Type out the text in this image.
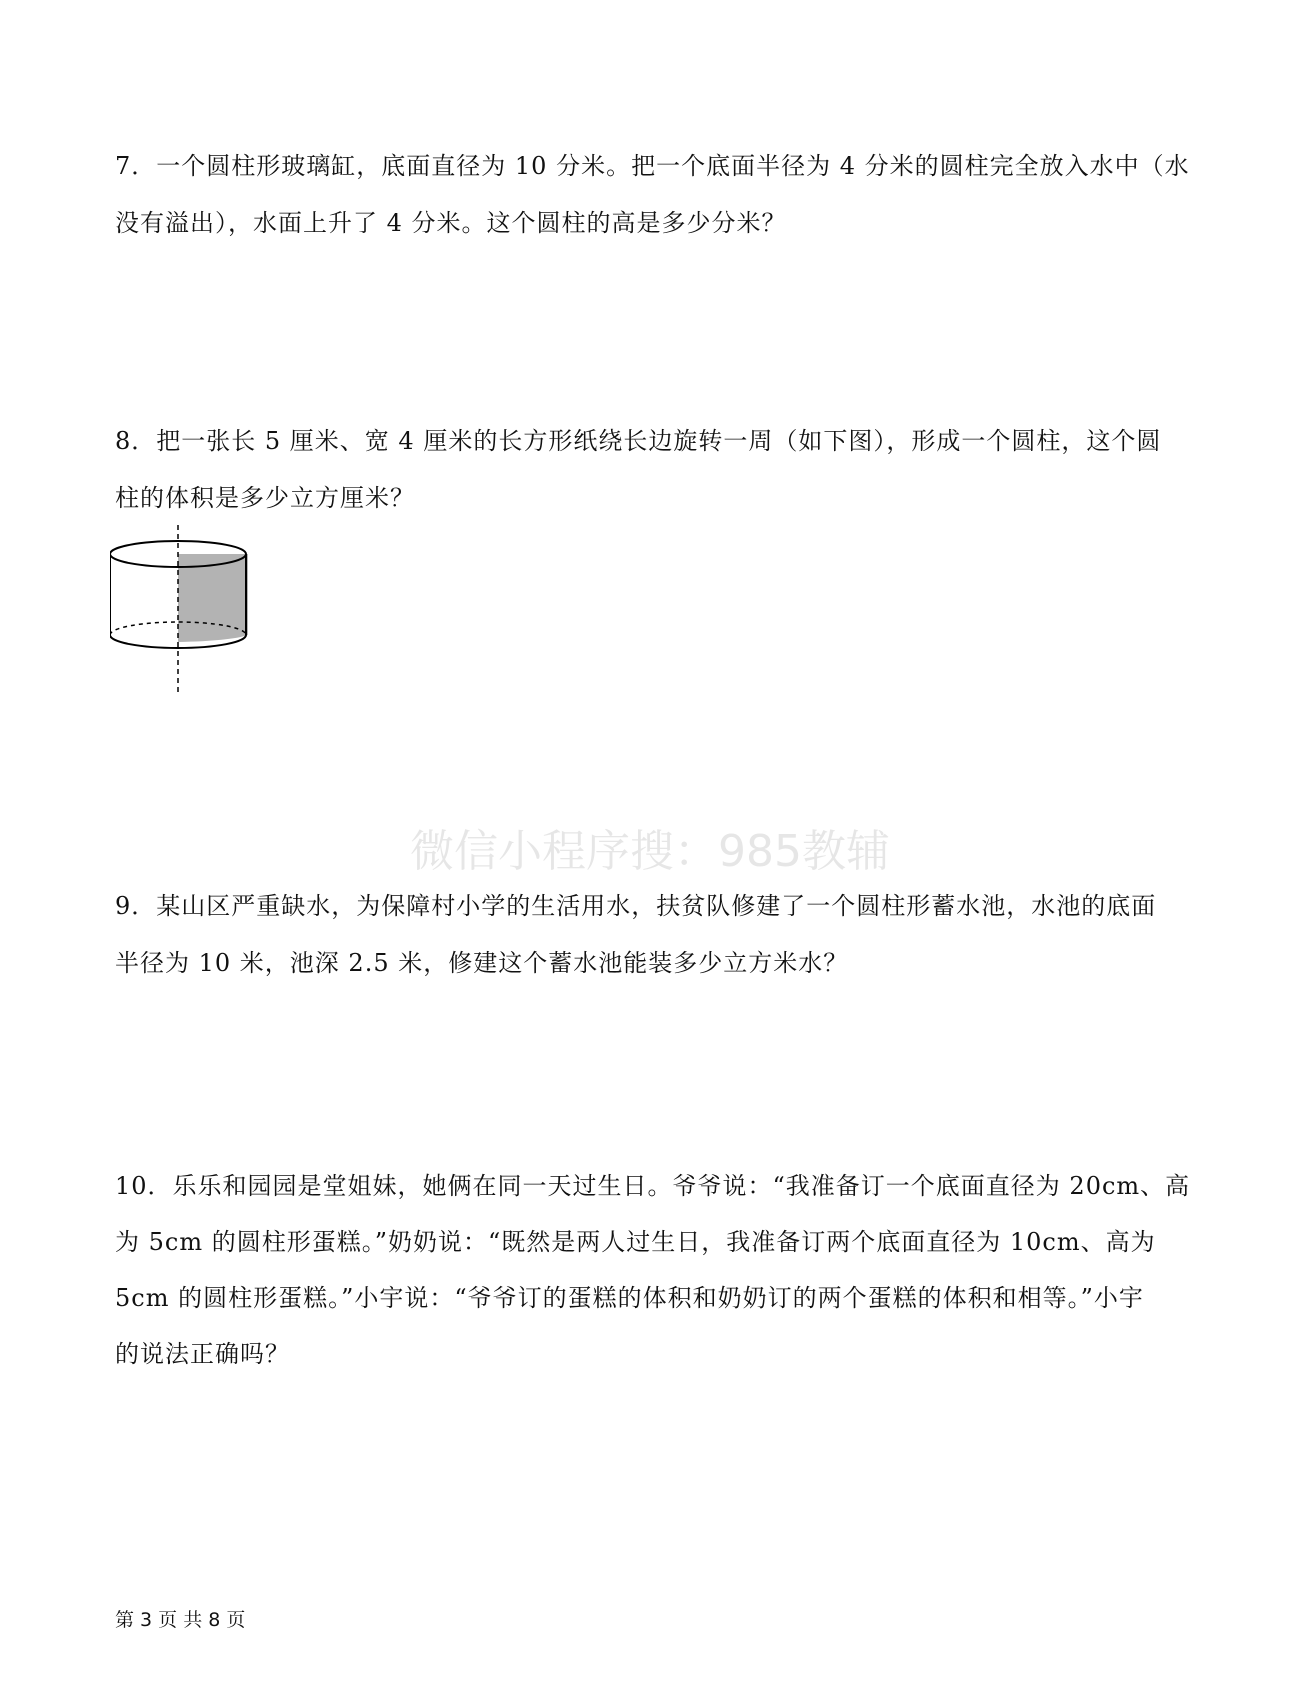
7．一个圆柱形玻璃缸，底面直径为 10 分米。把一个底面半径为 4 分米的圆柱完全放入水中（水

没有溢出），水面上升了 4 分米。这个圆柱的高是多少分米？

8．把一张长 5 厘米、宽 4 厘米的长方形纸绕长边旋转一周（如下图），形成一个圆柱，这个圆

柱的体积是多少立方厘米？

微信小程序搜：985教辅

9．某山区严重缺水，为保障村小学的生活用水，扶贫队修建了一个圆柱形蓄水池，水池的底面

半径为 10 米，池深 2.5 米，修建这个蓄水池能装多少立方米水？

10．乐乐和园园是堂姐妹，她俩在同一天过生日。爷爷说：“我准备订一个底面直径为 20cm、高

为 5cm 的圆柱形蛋糕。”奶奶说：“既然是两人过生日，我准备订两个底面直径为 10cm、高为

5cm 的圆柱形蛋糕。”小宇说：“爷爷订的蛋糕的体积和奶奶订的两个蛋糕的体积和相等。”小宇

的说法正确吗？

第 3 页 共 8 页
